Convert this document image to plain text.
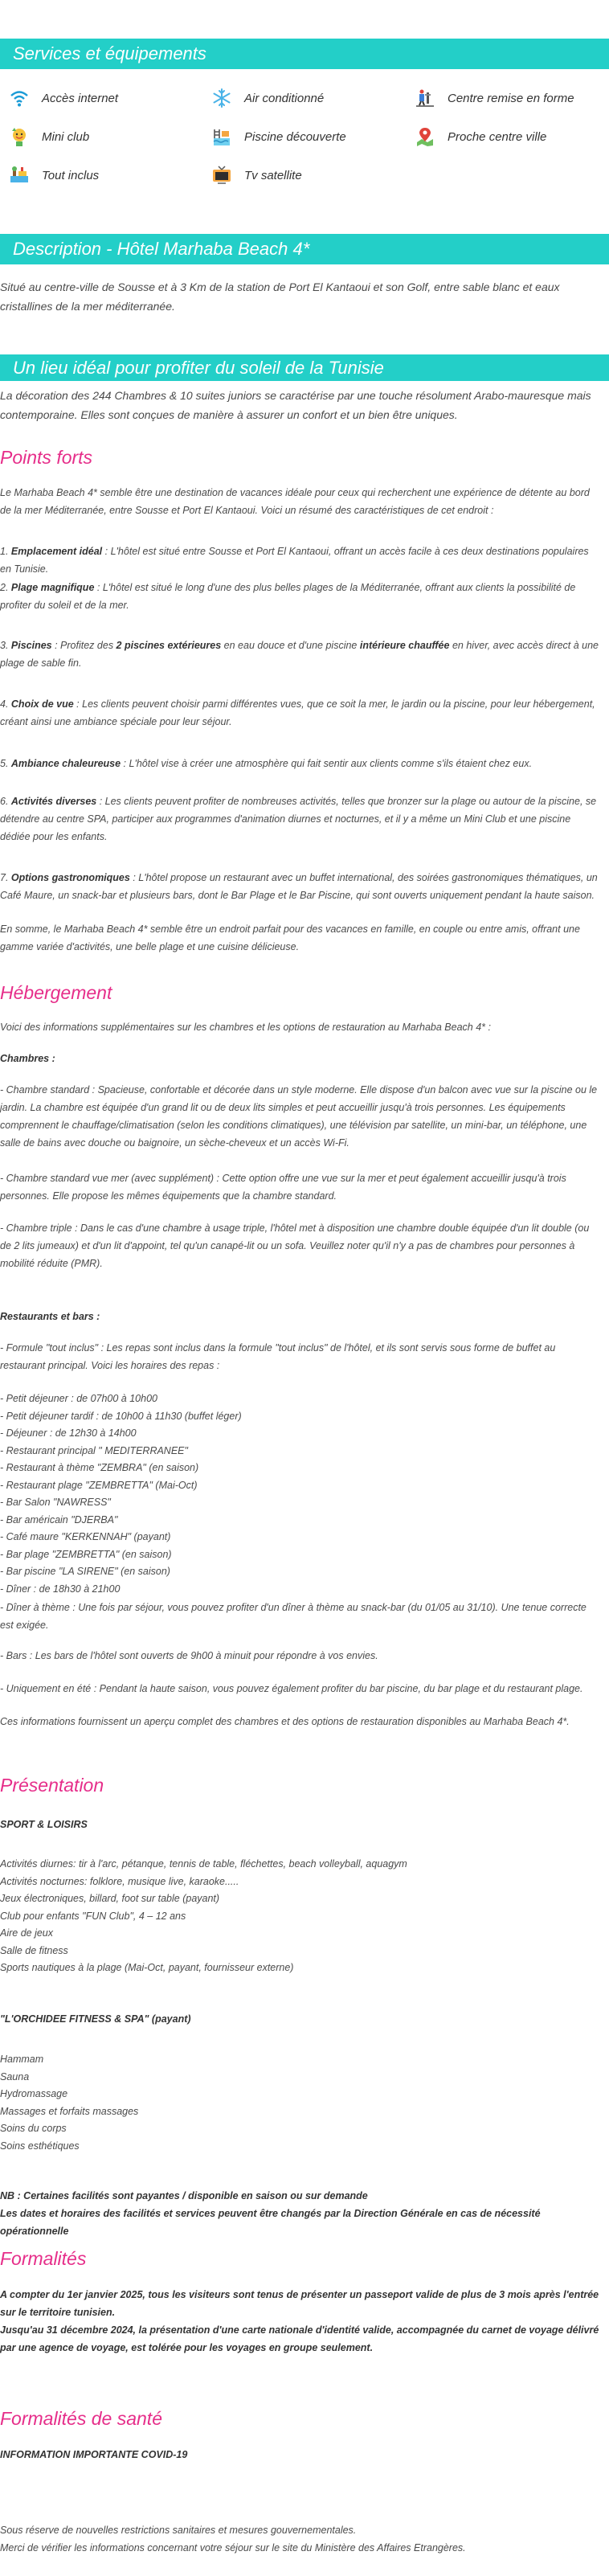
Services et équipements
Accès internet	Air conditionné	Centre remise en forme
Mini club	Piscine découverte	Proche centre ville
Tout inclus	Tv satellite
Description - Hôtel Marhaba Beach 4*
Situé au centre-ville de Sousse et à 3 Km de la station de Port El Kantaoui et son Golf, entre sable blanc et eaux cristallines de la mer méditerranée.
Un lieu idéal pour profiter du soleil de la Tunisie
La décoration des 244 Chambres & 10 suites juniors se caractérise par une touche résolument Arabo-mauresque mais contemporaine. Elles sont conçues de manière à assurer un confort et un bien être uniques.
Points forts
Le Marhaba Beach 4* semble être une destination de vacances idéale pour ceux qui recherchent une expérience de détente au bord de la mer Méditerranée, entre Sousse et Port El Kantaoui. Voici un résumé des caractéristiques de cet endroit :
1. Emplacement idéal : L'hôtel est situé entre Sousse et Port El Kantaoui, offrant un accès facile à ces deux destinations populaires en Tunisie.
2. Plage magnifique : L'hôtel est situé le long d'une des plus belles plages de la Méditerranée, offrant aux clients la possibilité de profiter du soleil et de la mer.
3. Piscines : Profitez des 2 piscines extérieures en eau douce et d'une piscine intérieure chauffée en hiver, avec accès direct à une plage de sable fin.
4. Choix de vue : Les clients peuvent choisir parmi différentes vues, que ce soit la mer, le jardin ou la piscine, pour leur hébergement, créant ainsi une ambiance spéciale pour leur séjour.
5. Ambiance chaleureuse : L'hôtel vise à créer une atmosphère qui fait sentir aux clients comme s'ils étaient chez eux.
6. Activités diverses : Les clients peuvent profiter de nombreuses activités, telles que bronzer sur la plage ou autour de la piscine, se détendre au centre SPA, participer aux programmes d'animation diurnes et nocturnes, et il y a même un Mini Club et une piscine dédiée pour les enfants.
7. Options gastronomiques : L'hôtel propose un restaurant avec un buffet international, des soirées gastronomiques thématiques, un Café Maure, un snack-bar et plusieurs bars, dont le Bar Plage et le Bar Piscine, qui sont ouverts uniquement pendant la haute saison.
En somme, le Marhaba Beach 4* semble être un endroit parfait pour des vacances en famille, en couple ou entre amis, offrant une gamme variée d'activités, une belle plage et une cuisine délicieuse.
Hébergement
Voici des informations supplémentaires sur les chambres et les options de restauration au Marhaba Beach 4* :
Chambres :
- Chambre standard : Spacieuse, confortable et décorée dans un style moderne. Elle dispose d'un balcon avec vue sur la piscine ou le jardin. La chambre est équipée d'un grand lit ou de deux lits simples et peut accueillir jusqu'à trois personnes. Les équipements comprennent le chauffage/climatisation (selon les conditions climatiques), une télévision par satellite, un mini-bar, un téléphone, une salle de bains avec douche ou baignoire, un sèche-cheveux et un accès Wi-Fi.
- Chambre standard vue mer (avec supplément) : Cette option offre une vue sur la mer et peut également accueillir jusqu'à trois personnes. Elle propose les mêmes équipements que la chambre standard.
- Chambre triple : Dans le cas d'une chambre à usage triple, l'hôtel met à disposition une chambre double équipée d'un lit double (ou de 2 lits jumeaux) et d'un lit d'appoint, tel qu'un canapé-lit ou un sofa. Veuillez noter qu'il n'y a pas de chambres pour personnes à mobilité réduite (PMR).
Restaurants et bars :
- Formule "tout inclus" : Les repas sont inclus dans la formule "tout inclus" de l'hôtel, et ils sont servis sous forme de buffet au restaurant principal. Voici les horaires des repas :
- Petit déjeuner : de 07h00 à 10h00
- Petit déjeuner tardif : de 10h00 à 11h30 (buffet léger)
- Déjeuner : de 12h30 à 14h00
- Restaurant principal " MEDITERRANEE"
- Restaurant à thème "ZEMBRA" (en saison)
- Restaurant plage "ZEMBRETTA" (Mai-Oct)
- Bar Salon "NAWRESS"
- Bar américain "DJERBA"
- Café maure "KERKENNAH" (payant)
- Bar plage "ZEMBRETTA" (en saison)
- Bar piscine "LA SIRENE" (en saison)
- Dîner : de 18h30 à 21h00
- Dîner à thème : Une fois par séjour, vous pouvez profiter d'un dîner à thème au snack-bar (du 01/05 au 31/10). Une tenue correcte est exigée.
- Bars : Les bars de l'hôtel sont ouverts de 9h00 à minuit pour répondre à vos envies.
- Uniquement en été : Pendant la haute saison, vous pouvez également profiter du bar piscine, du bar plage et du restaurant plage.
Ces informations fournissent un aperçu complet des chambres et des options de restauration disponibles au Marhaba Beach 4*.
Présentation
SPORT & LOISIRS
Activités diurnes: tir à l'arc, pétanque, tennis de table, fléchettes, beach volleyball, aquagym
Activités nocturnes: folklore, musique live, karaoke.....
Jeux électroniques, billard, foot sur table (payant)
Club pour enfants "FUN Club", 4 – 12 ans
Aire de jeux
Salle de fitness
Sports nautiques à la plage (Mai-Oct, payant, fournisseur externe)
"L'ORCHIDEE FITNESS & SPA" (payant)
Hammam
Sauna
Hydromassage
Massages et forfaits massages
Soins du corps
Soins esthétiques
NB : Certaines facilités sont payantes / disponible en saison ou sur demande
Les dates et horaires des facilités et services peuvent être changés par la Direction Générale en cas de nécessité opérationnelle
Formalités
A compter du 1er janvier 2025, tous les visiteurs sont tenus de présenter un passeport valide de plus de 3 mois après l'entrée sur le territoire tunisien.
Jusqu'au 31 décembre 2024, la présentation d'une carte nationale d'identité valide, accompagnée du carnet de voyage délivré par une agence de voyage, est tolérée pour les voyages en groupe seulement.
Formalités de santé
INFORMATION IMPORTANTE COVID-19
Sous réserve de nouvelles restrictions sanitaires et mesures gouvernementales.
Merci de vérifier les informations concernant votre séjour sur le site du Ministère des Affaires Etrangères.
